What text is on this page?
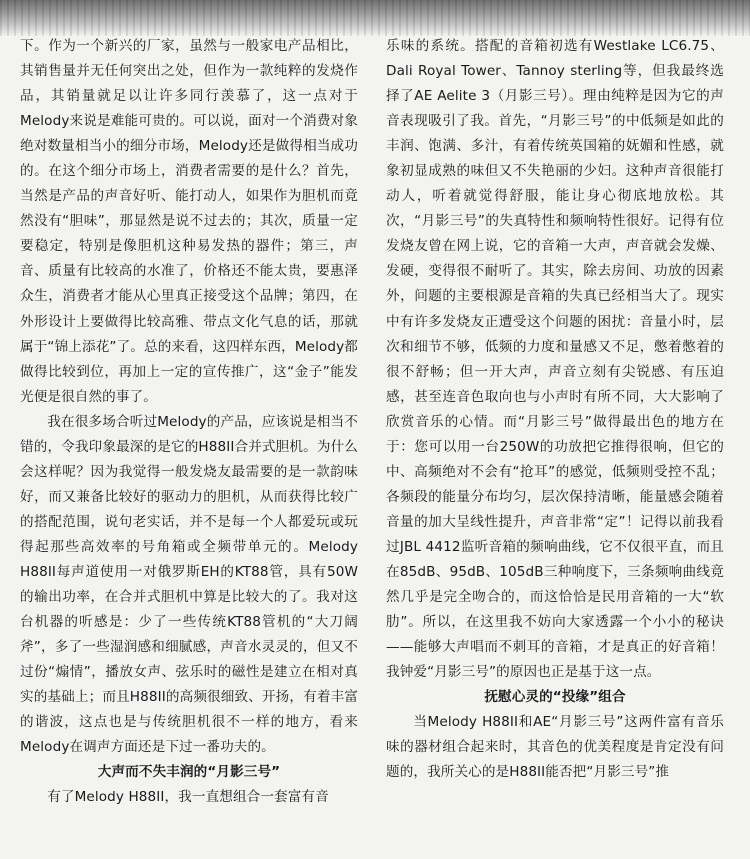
下。作为一个新兴的厂家，虽然与一般家电产品相比，其销售量并无任何突出之处，但作为一款纯粹的发烧作品，其销量就足以让许多同行羡慕了，这一点对于Melody来说是难能可贵的。可以说，面对一个消费对象绝对数量相当小的细分市场，Melody还是做得相当成功的。在这个细分市场上，消费者需要的是什么？首先，当然是产品的声音好听、能打动人，如果作为胆机而竟然没有“胆味”，那显然是说不过去的；其次，质量一定要稳定，特别是像胆机这种易发热的器件；第三，声音、质量有比较高的水准了，价格还不能太贵，要惠泽众生，消费者才能从心里真正接受这个品牌；第四，在外形设计上要做得比较高雅、带点文化气息的话，那就属于“锦上添花”了。总的来看，这四样东西，Melody都做得比较到位，再加上一定的宣传推广，这“金子”能发光便是很自然的事了。

我在很多场合听过Melody的产品，应该说是相当不错的，令我印象最深的是它的H88II合并式胆机。为什么会这样呢？因为我觉得一般发烧友最需要的是一款韵味好，而又兼备比较好的驱动力的胆机，从而获得比较广的搭配范围，说句老实话，并不是每一个人都爱玩或玩得起那些高效率的号角箱或全频带单元的。Melody H88II每声道使用一对俄罗斯EH的KT88管，具有50W的输出功率，在合并式胆机中算是比较大的了。我对这台机器的听感是：少了一些传统KT88管机的“大刀阔斧”，多了一些湿润感和细腻感，声音水灵灵的，但又不过份“煽情”，播放女声、弦乐时的磁性是建立在相对真实的基础上；而且H88II的高频很细致、开扬，有着丰富的谐波，这点也是与传统胆机很不一样的地方，看来Melody在调声方面还是下过一番功夫的。

大声而不失丰润的“月影三号”

有了Melody H88II，我一直想组合一套富有音

乐味的系统。搭配的音箱初选有Westlake LC6.75、Dali Royal Tower、Tannoy sterling等，但我最终选择了AE Aelite 3（月影三号）。理由纯粹是因为它的声音表现吸引了我。首先，“月影三号”的中低频是如此的丰润、饱满、多汁，有着传统英国箱的妩媚和性感，就象初显成熟的味但又不失艳丽的少妇。这种声音很能打动人，听着就觉得舒服，能让身心彻底地放松。其次，“月影三号”的失真特性和频响特性很好。记得有位发烧友曾在网上说，它的音箱一大声，声音就会发燥、发硬，变得很不耐听了。其实，除去房间、功放的因素外，问题的主要根源是音箱的失真已经相当大了。现实中有许多发烧友正遭受这个问题的困扰：音量小时，层次和细节不够，低频的力度和量感又不足，憋着憋着的很不舒畅；但一开大声，声音立刻有尖锐感、有压迫感，甚至连音色取向也与小声时有所不同，大大影响了欣赏音乐的心情。而“月影三号”做得最出色的地方在于：您可以用一台250W的功放把它推得很响，但它的中、高频绝对不会有“抢耳”的感觉，低频则受控不乱；各频段的能量分布均匀，层次保持清晰，能量感会随着音量的加大呈线性提升，声音非常“定”！记得以前我看过JBL 4412监听音箱的频响曲线，它不仅很平直，而且在85dB、95dB、105dB三种响度下，三条频响曲线竟然几乎是完全吻合的，而这恰恰是民用音箱的一大“软肋”。所以，在这里我不妨向大家透露一个小小的秘诀——能够大声唱而不刺耳的音箱，才是真正的好音箱！我钟爱“月影三号”的原因也正是基于这一点。

抚慰心灵的“投缘”组合

当Melody H88II和AE“月影三号”这两件富有音乐味的器材组合起来时，其音色的优美程度是肯定没有问题的，我所关心的是H88II能否把“月影三号”推
